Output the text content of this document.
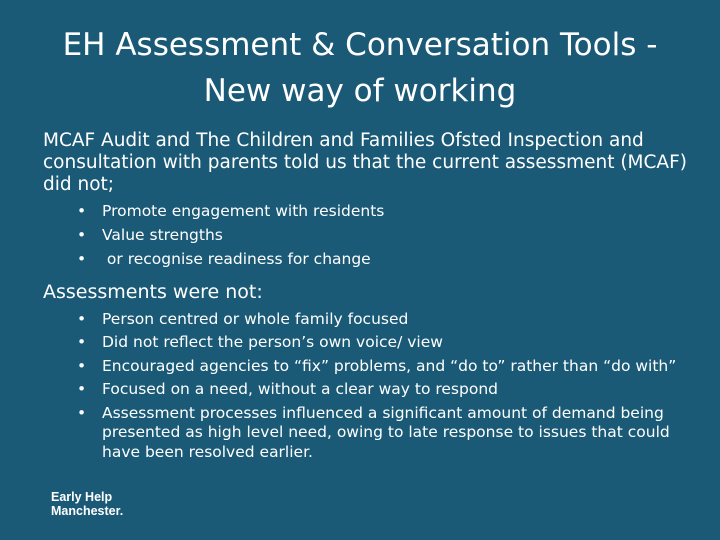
EH Assessment & Conversation Tools -
New way of working

MCAF Audit and The Children and Families Ofsted Inspection and consultation with parents told us that the current assessment (MCAF) did not;

• Promote engagement with residents
• Value strengths
• or recognise readiness for change
Assessments were not:
• Person centred or whole family focused
• Did not reflect the person’s own voice/ view
• Encouraged agencies to “fix” problems, and “do to” rather than “do with”
• Focused on a need, without a clear way to respond
• Assessment processes influenced a significant amount of demand being presented as high level need, owing to late response to issues that could have been resolved earlier.
Early Help
Manchester.
